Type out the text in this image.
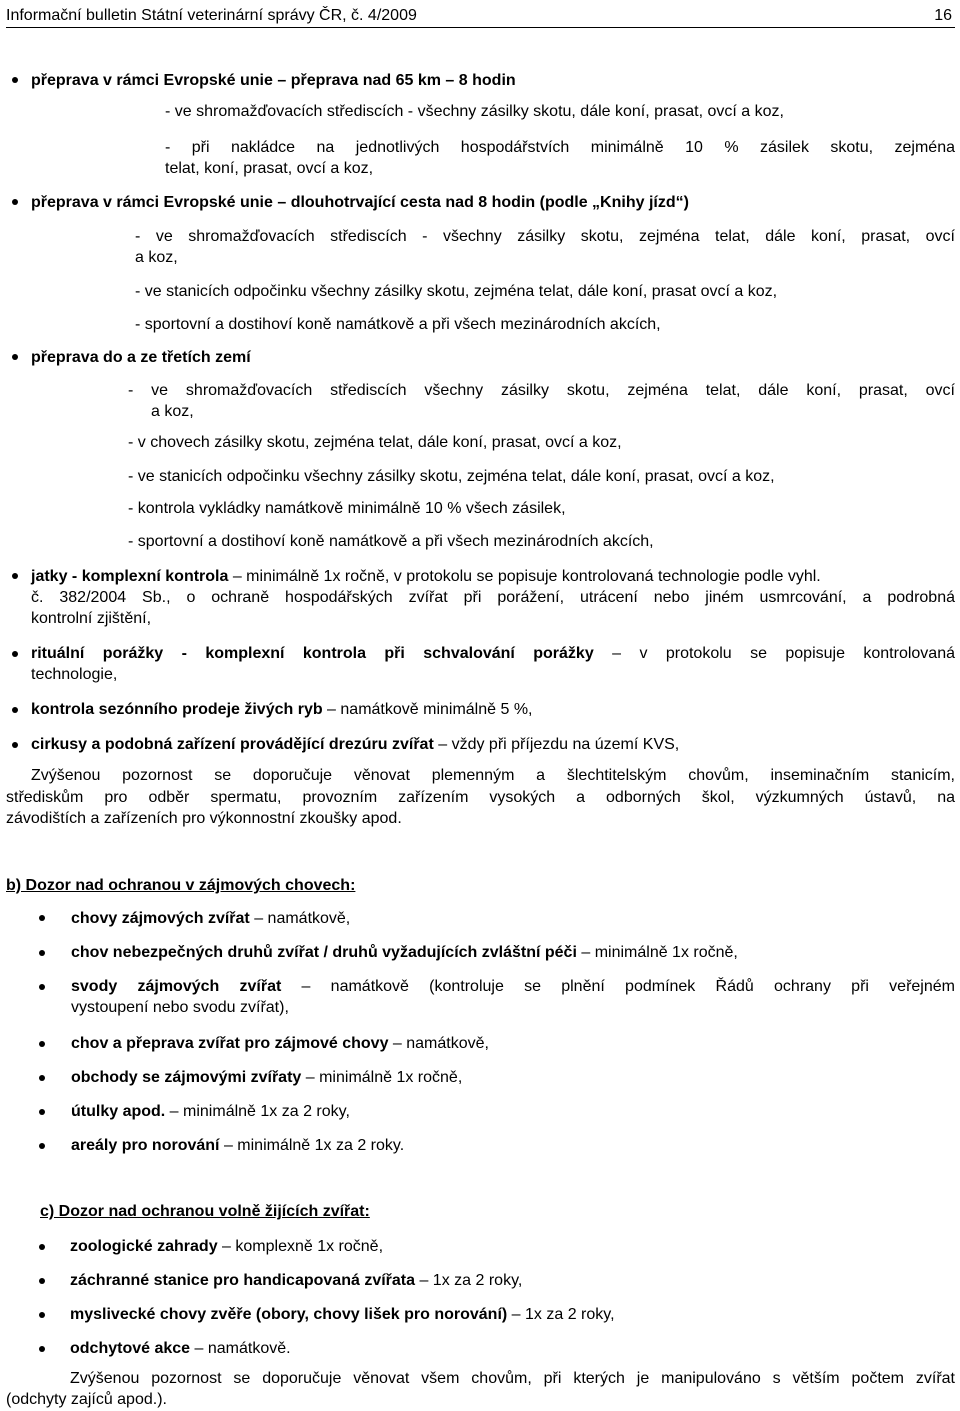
Informační bulletin Státní veterinární správy ČR, č. 4/2009	16
přeprava v rámci Evropské unie – přeprava nad 65 km – 8 hodin
- ve shromažďovacích střediscích - všechny zásilky skotu, dále koní, prasat, ovcí a koz,
- při nakládce na jednotlivých hospodářstvích minimálně 10 % zásilek skotu, zejména
telat, koní, prasat, ovcí a koz,
přeprava v rámci Evropské unie – dlouhotrvající cesta nad 8 hodin (podle „Knihy jízd“)
- ve shromažďovacích střediscích - všechny zásilky skotu, zejména telat, dále koní, prasat, ovcí
a koz,
- ve stanicích odpočinku všechny zásilky skotu, zejména telat, dále koní, prasat ovcí a koz,
- sportovní a dostihoví koně namátkově a při všech mezinárodních akcích,
přeprava do a ze třetích zemí
- ve shromažďovacích střediscích všechny zásilky skotu, zejména telat, dále koní, prasat, ovcí
a koz,
- v chovech zásilky skotu, zejména telat, dále koní, prasat, ovcí a koz,
- ve stanicích odpočinku všechny zásilky skotu, zejména telat, dále koní, prasat, ovcí a koz,
- kontrola vykládky namátkově minimálně 10 % všech zásilek,
- sportovní a dostihoví koně namátkově a při všech mezinárodních akcích,
jatky - komplexní kontrola – minimálně 1x ročně, v protokolu se popisuje kontrolovaná technologie podle vyhl.
č. 382/2004 Sb., o ochraně hospodářských zvířat při porážení, utrácení nebo jiném usmrcování, a podrobná
kontrolní zjištění,
rituální porážky - komplexní kontrola při schvalování porážky – v protokolu se popisuje kontrolovaná
technologie,
kontrola sezónního prodeje živých ryb – namátkově minimálně 5 %,
cirkusy a podobná zařízení provádějící drezúru zvířat – vždy při příjezdu na území KVS,
Zvýšenou pozornost se doporučuje věnovat plemenným a šlechtitelským chovům, inseminačním stanicím,
střediskům pro odběr spermatu, provozním zařízením vysokých a odborných škol, výzkumných ústavů, na
závodištích a zařízeních pro výkonnostní zkoušky apod.
b) Dozor nad ochranou v zájmových chovech:
chovy zájmových zvířat – namátkově,
chov nebezpečných druhů zvířat / druhů vyžadujících zvláštní péči – minimálně 1x ročně,
svody zájmových zvířat – namátkově (kontroluje se plnění podmínek Řádů ochrany při veřejném
vystoupení nebo svodu zvířat),
chov a přeprava zvířat pro zájmové chovy – namátkově,
obchody se zájmovými zvířaty – minimálně 1x ročně,
útulky apod. – minimálně 1x za 2 roky,
areály pro norování – minimálně 1x za 2 roky.
c) Dozor nad ochranou volně žijících zvířat:
zoologické zahrady – komplexně 1x ročně,
záchranné stanice pro handicapovaná zvířata – 1x za 2 roky,
myslivecké chovy zvěře (obory, chovy lišek pro norování) – 1x za 2 roky,
odchytové akce – namátkově.
Zvýšenou pozornost se doporučuje věnovat všem chovům, při kterých je manipulováno s větším počtem zvířat
(odchyty zajíců apod.).
